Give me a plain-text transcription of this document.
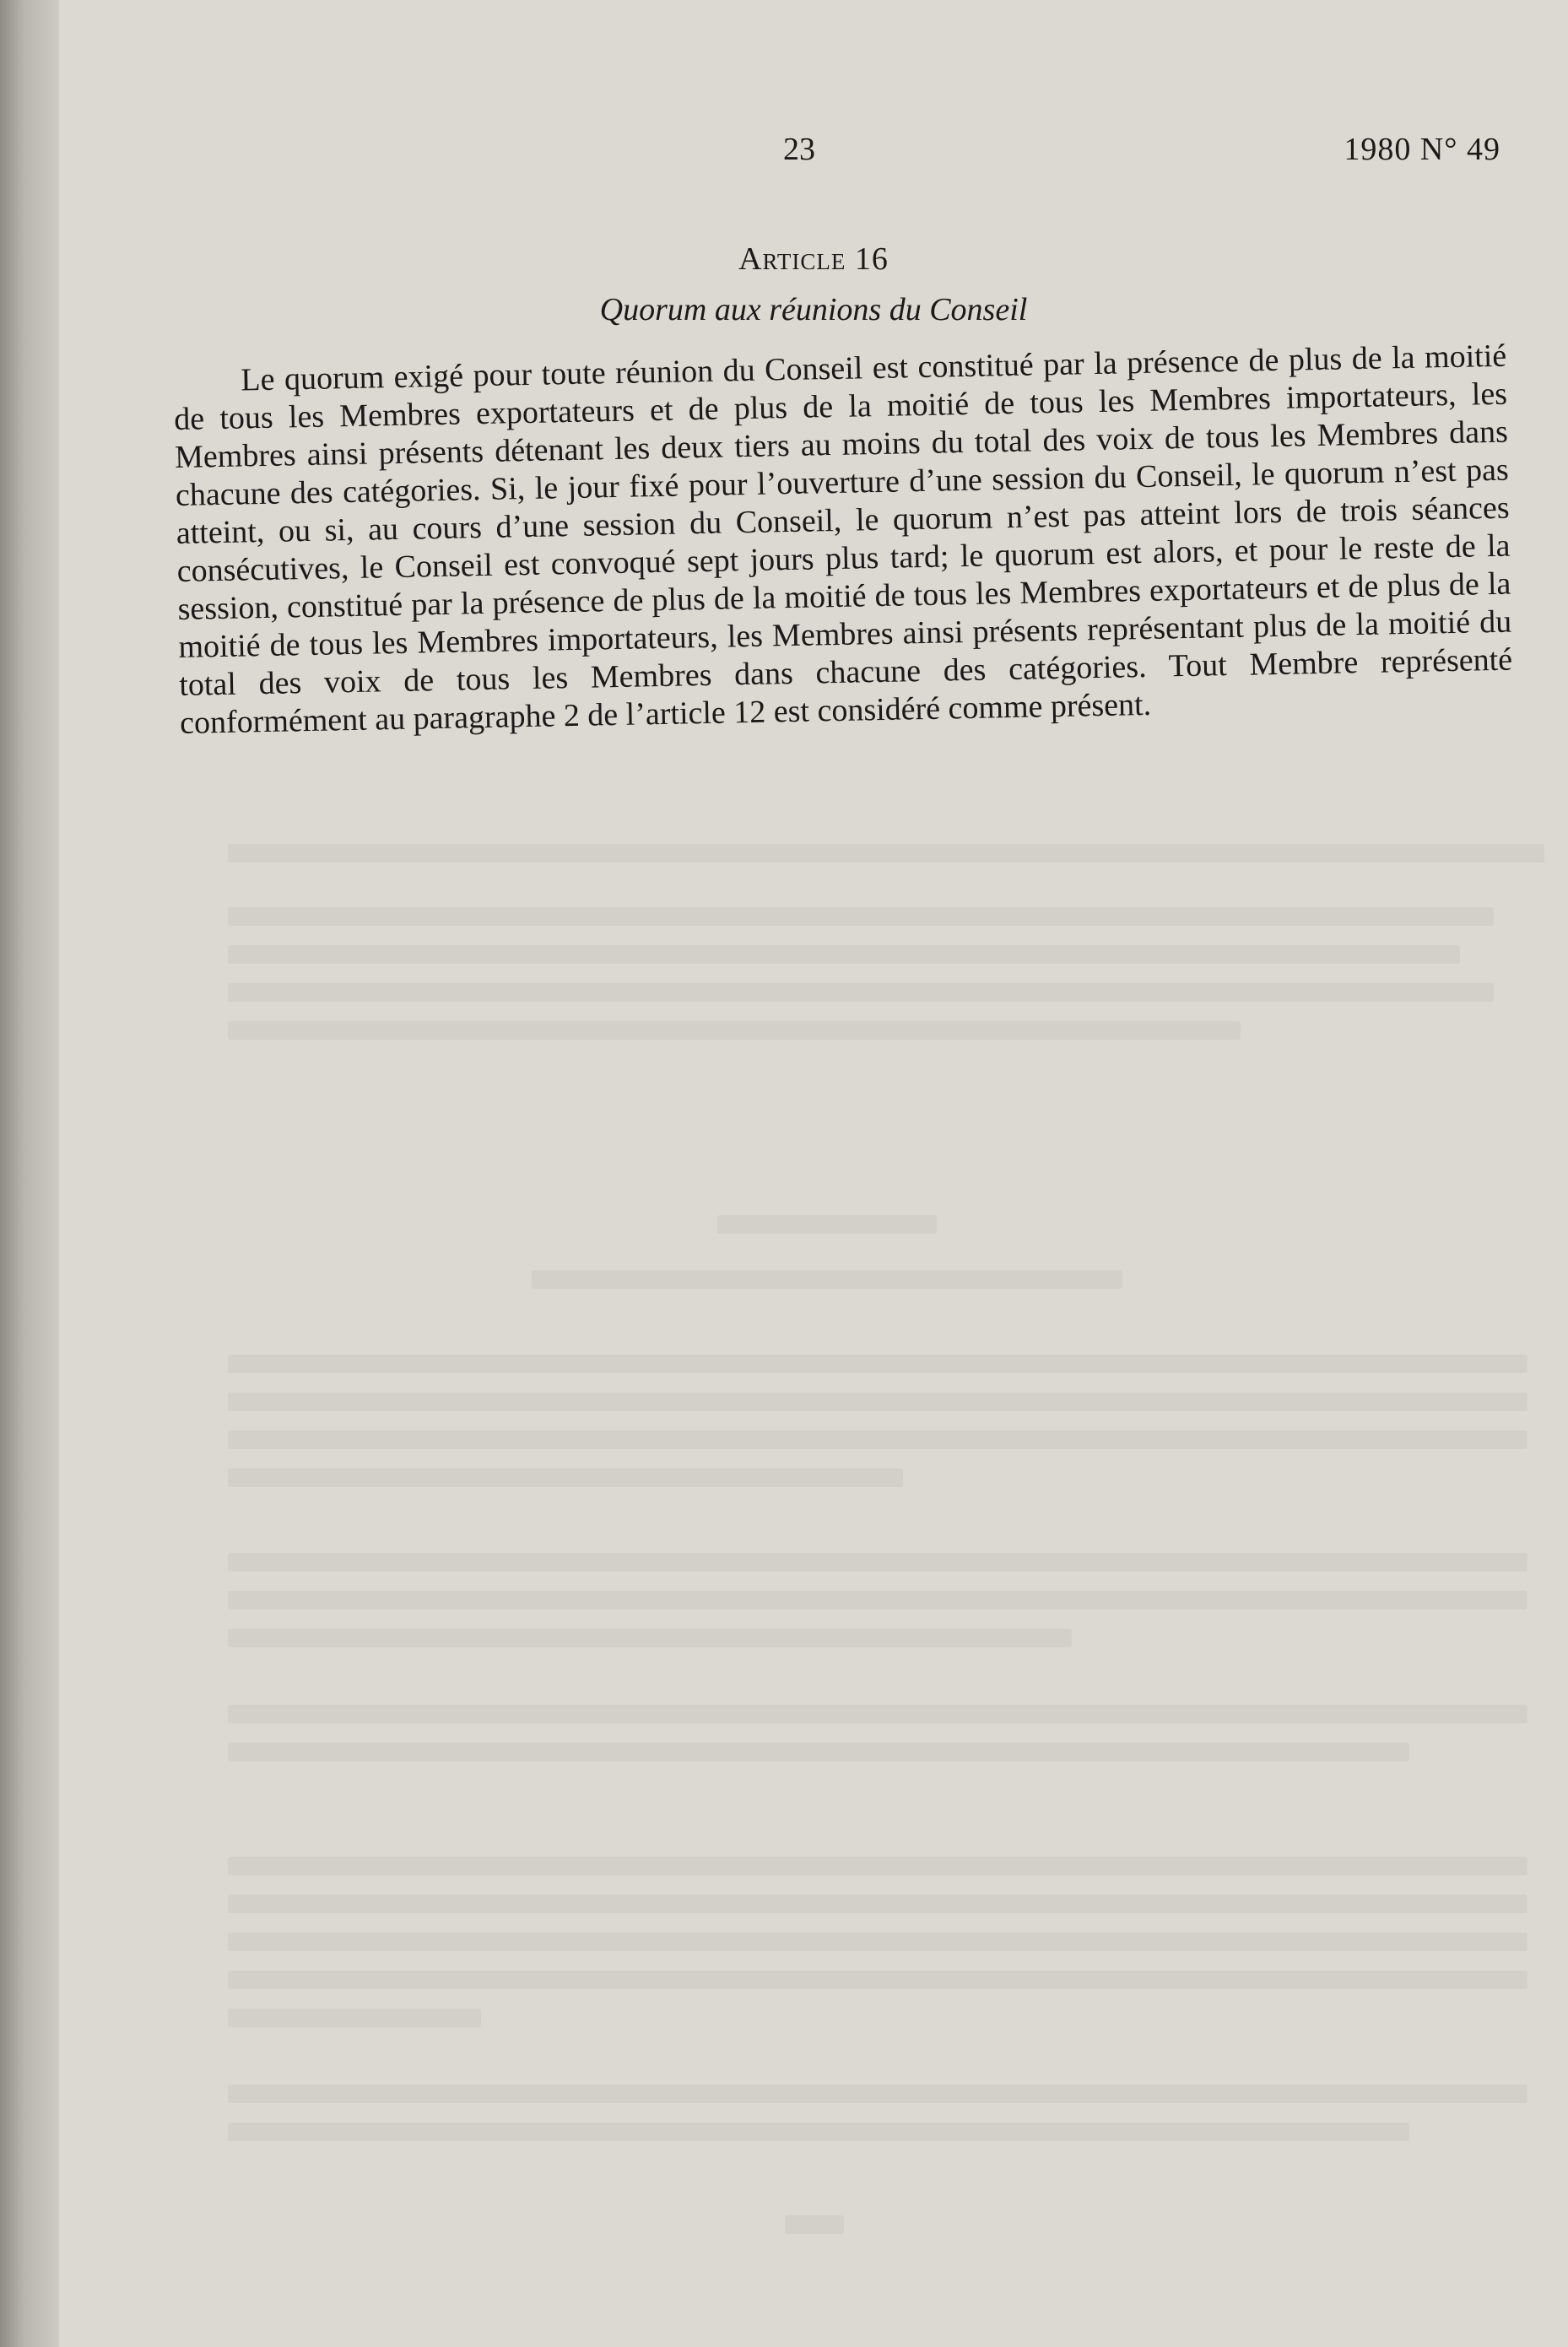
23	1980 N° 49
Article 16
Quorum aux réunions du Conseil

Le quorum exigé pour toute réunion du Conseil est constitué par la présence de plus de la moitié de tous les Membres exportateurs et de plus de la moitié de tous les Membres importateurs, les Membres ainsi présents détenant les deux tiers au moins du total des voix de tous les Membres dans chacune des catégories. Si, le jour fixé pour l’ouverture d’une session du Conseil, le quorum n’est pas atteint, ou si, au cours d’une session du Conseil, le quorum n’est pas atteint lors de trois séances consécutives, le Conseil est convoqué sept jours plus tard; le quorum est alors, et pour le reste de la session, constitué par la présence de plus de la moitié de tous les Membres exportateurs et de plus de la moitié de tous les Membres importateurs, les Membres ainsi présents représentant plus de la moitié du total des voix de tous les Membres dans chacune des catégories. Tout Membre représenté conformément au paragraphe 2 de l’article 12 est considéré comme présent.
